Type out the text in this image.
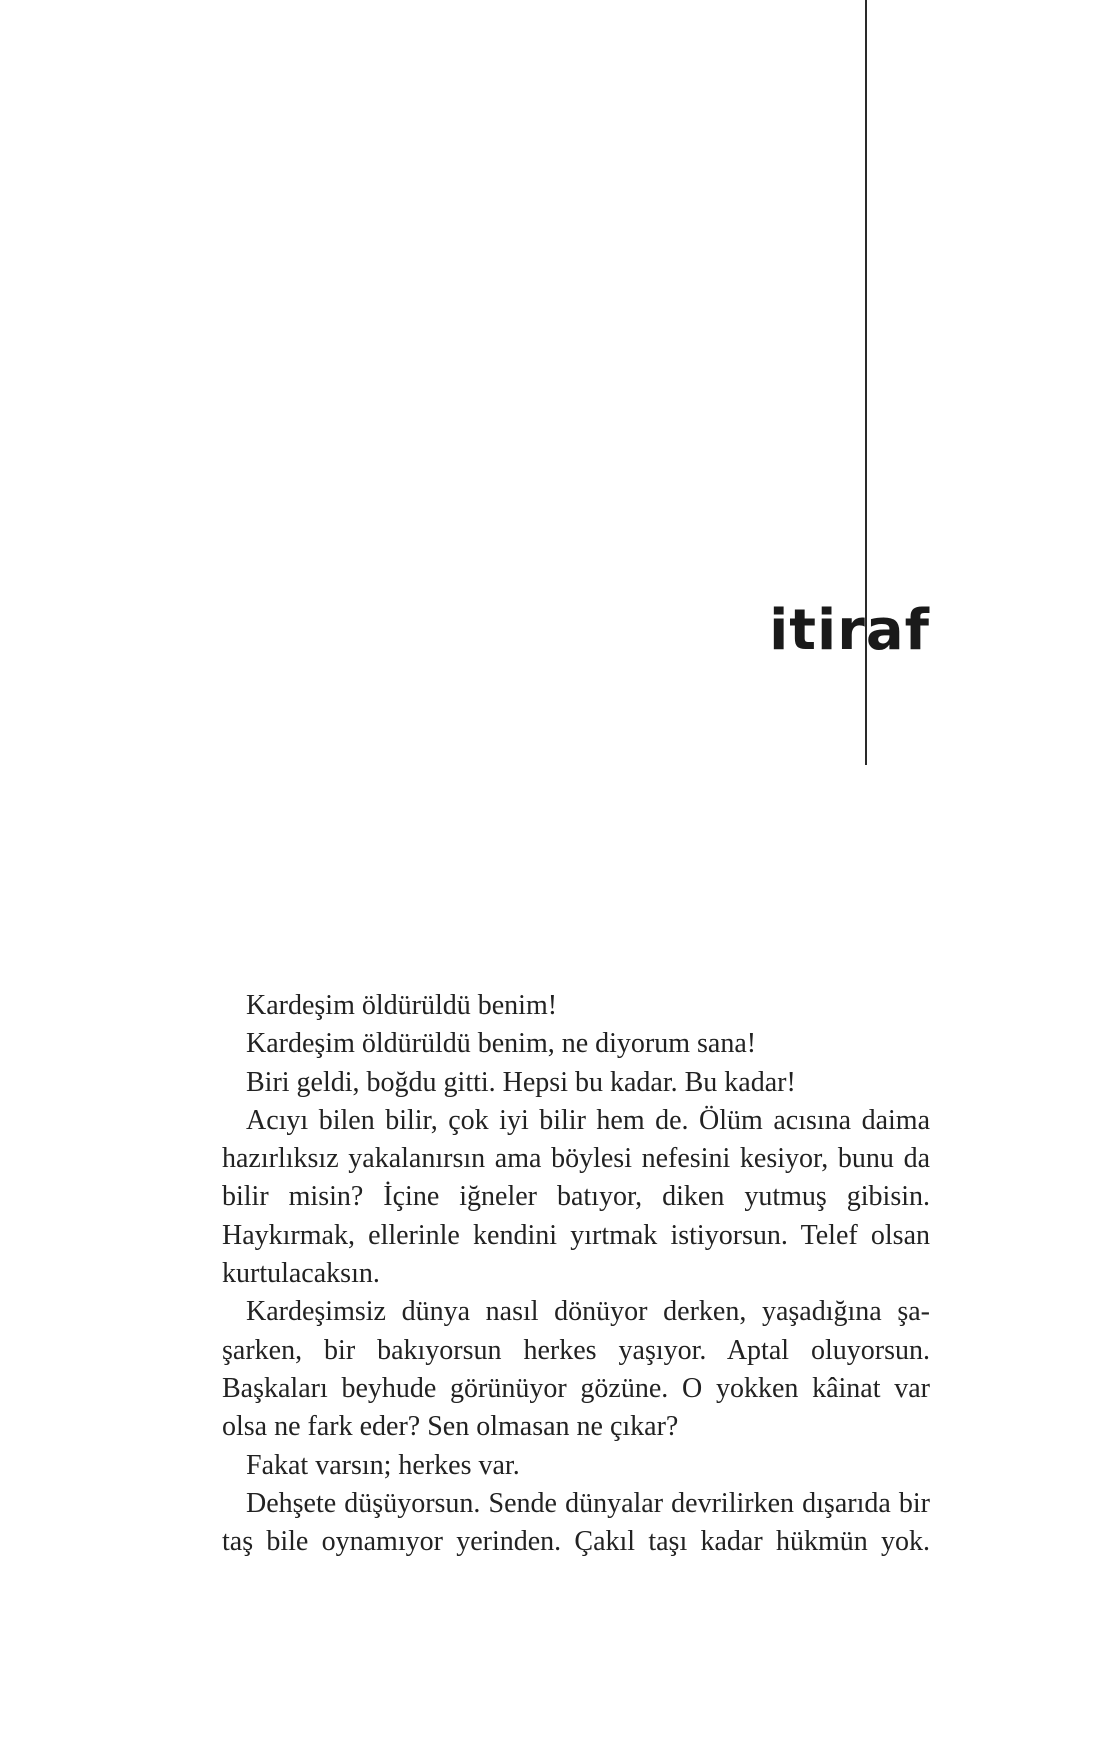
itiraf

Kardeşim öldürüldü benim!

Kardeşim öldürüldü benim, ne diyorum sana!

Biri geldi, boğdu gitti. Hepsi bu kadar. Bu kadar!

Acıyı bilen bilir, çok iyi bilir hem de. Ölüm acısına daima hazırlıksız yakalanırsın ama böylesi nefesini kesiyor, bunu da bilir misin? İçine iğneler batıyor, diken yutmuş gibisin. Haykırmak, ellerinle kendini yırtmak istiyorsun. Telef olsan kurtulacaksın.

Kardeşimsiz dünya nasıl dönüyor derken, yaşadığına şa-şarken, bir bakıyorsun herkes yaşıyor. Aptal oluyorsun. Başkaları beyhude görünüyor gözüne. O yokken kâinat var olsa ne fark eder? Sen olmasan ne çıkar?

Fakat varsın; herkes var.

Dehşete düşüyorsun. Sende dünyalar devrilirken dışarıda bir taş bile oynamıyor yerinden. Çakıl taşı kadar hükmün yok.
